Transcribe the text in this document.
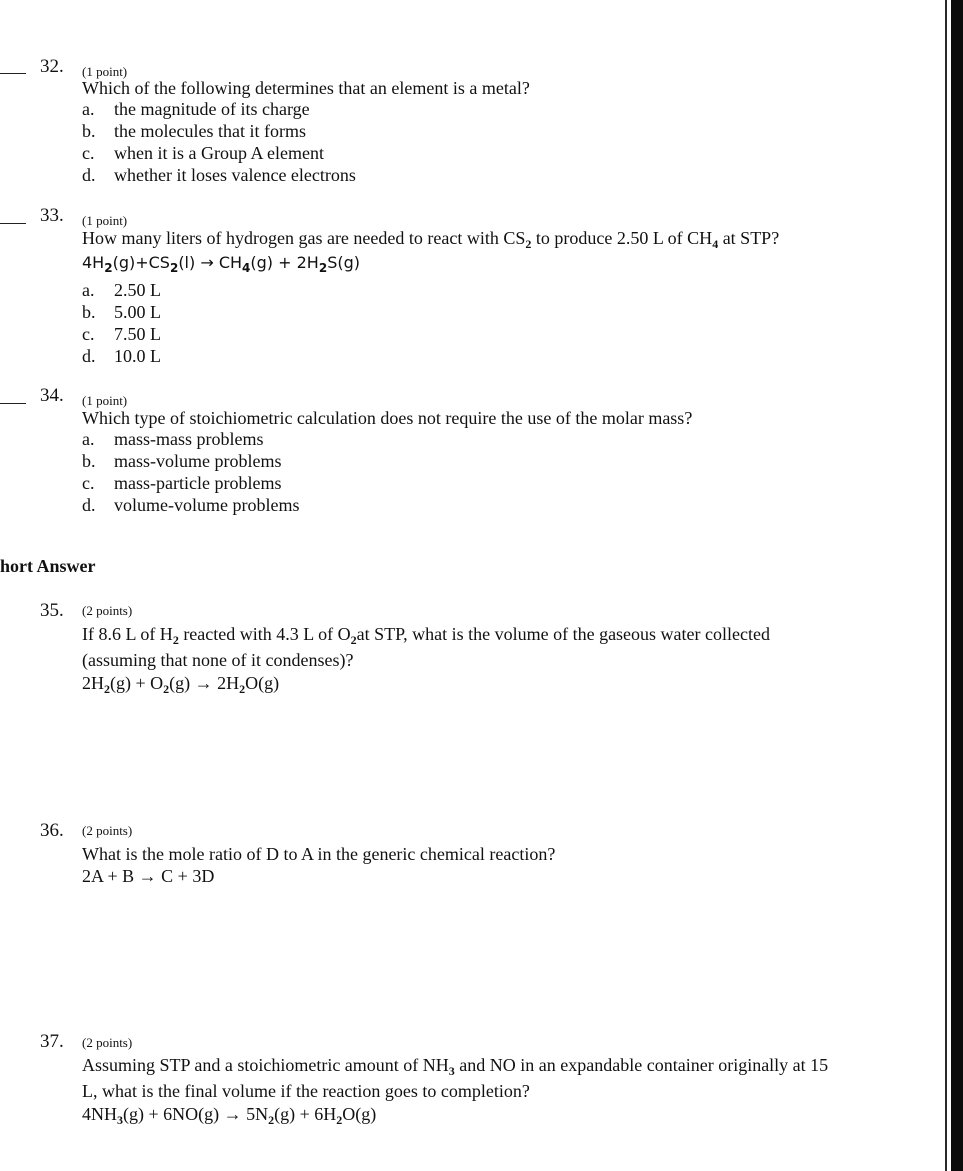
32. (1 point)
Which of the following determines that an element is a metal?
a. the magnitude of its charge
b. the molecules that it forms
c. when it is a Group A element
d. whether it loses valence electrons
33. (1 point)
How many liters of hydrogen gas are needed to react with $CS_2$ to produce 2.50 L of $CH_4$ at STP?
$4H_2(g)+CS_2(l) \to CH_4(g) + 2H_2S(g)$
a. 2.50 L
b. 5.00 L
c. 7.50 L
d. 10.0 L
34. (1 point)
Which type of stoichiometric calculation does not require the use of the molar mass?
a. mass-mass problems
b. mass-volume problems
c. mass-particle problems
d. volume-volume problems
hort Answer
35. (2 points)
If 8.6 L of $H_2$ reacted with 4.3 L of $O_2at$ STP, what is the volume of the gaseous water collected
(assuming that none of it condenses)?
$2H_2(g) + O_2(g) \to 2H_2O(g)$
36. (2 points)
What is the mole ratio of D to A in the generic chemical reaction?
2A + B → C + 3D
37. (2 points)
Assuming STP and a stoichiometric amount of $NH_3$ and NO in an expandable container originally at 15
L, what is the final volume if the reaction goes to completion?
$4NH_3(g) + 6NO(g) \to 5N_2(g) + 6H_2O(g)$
